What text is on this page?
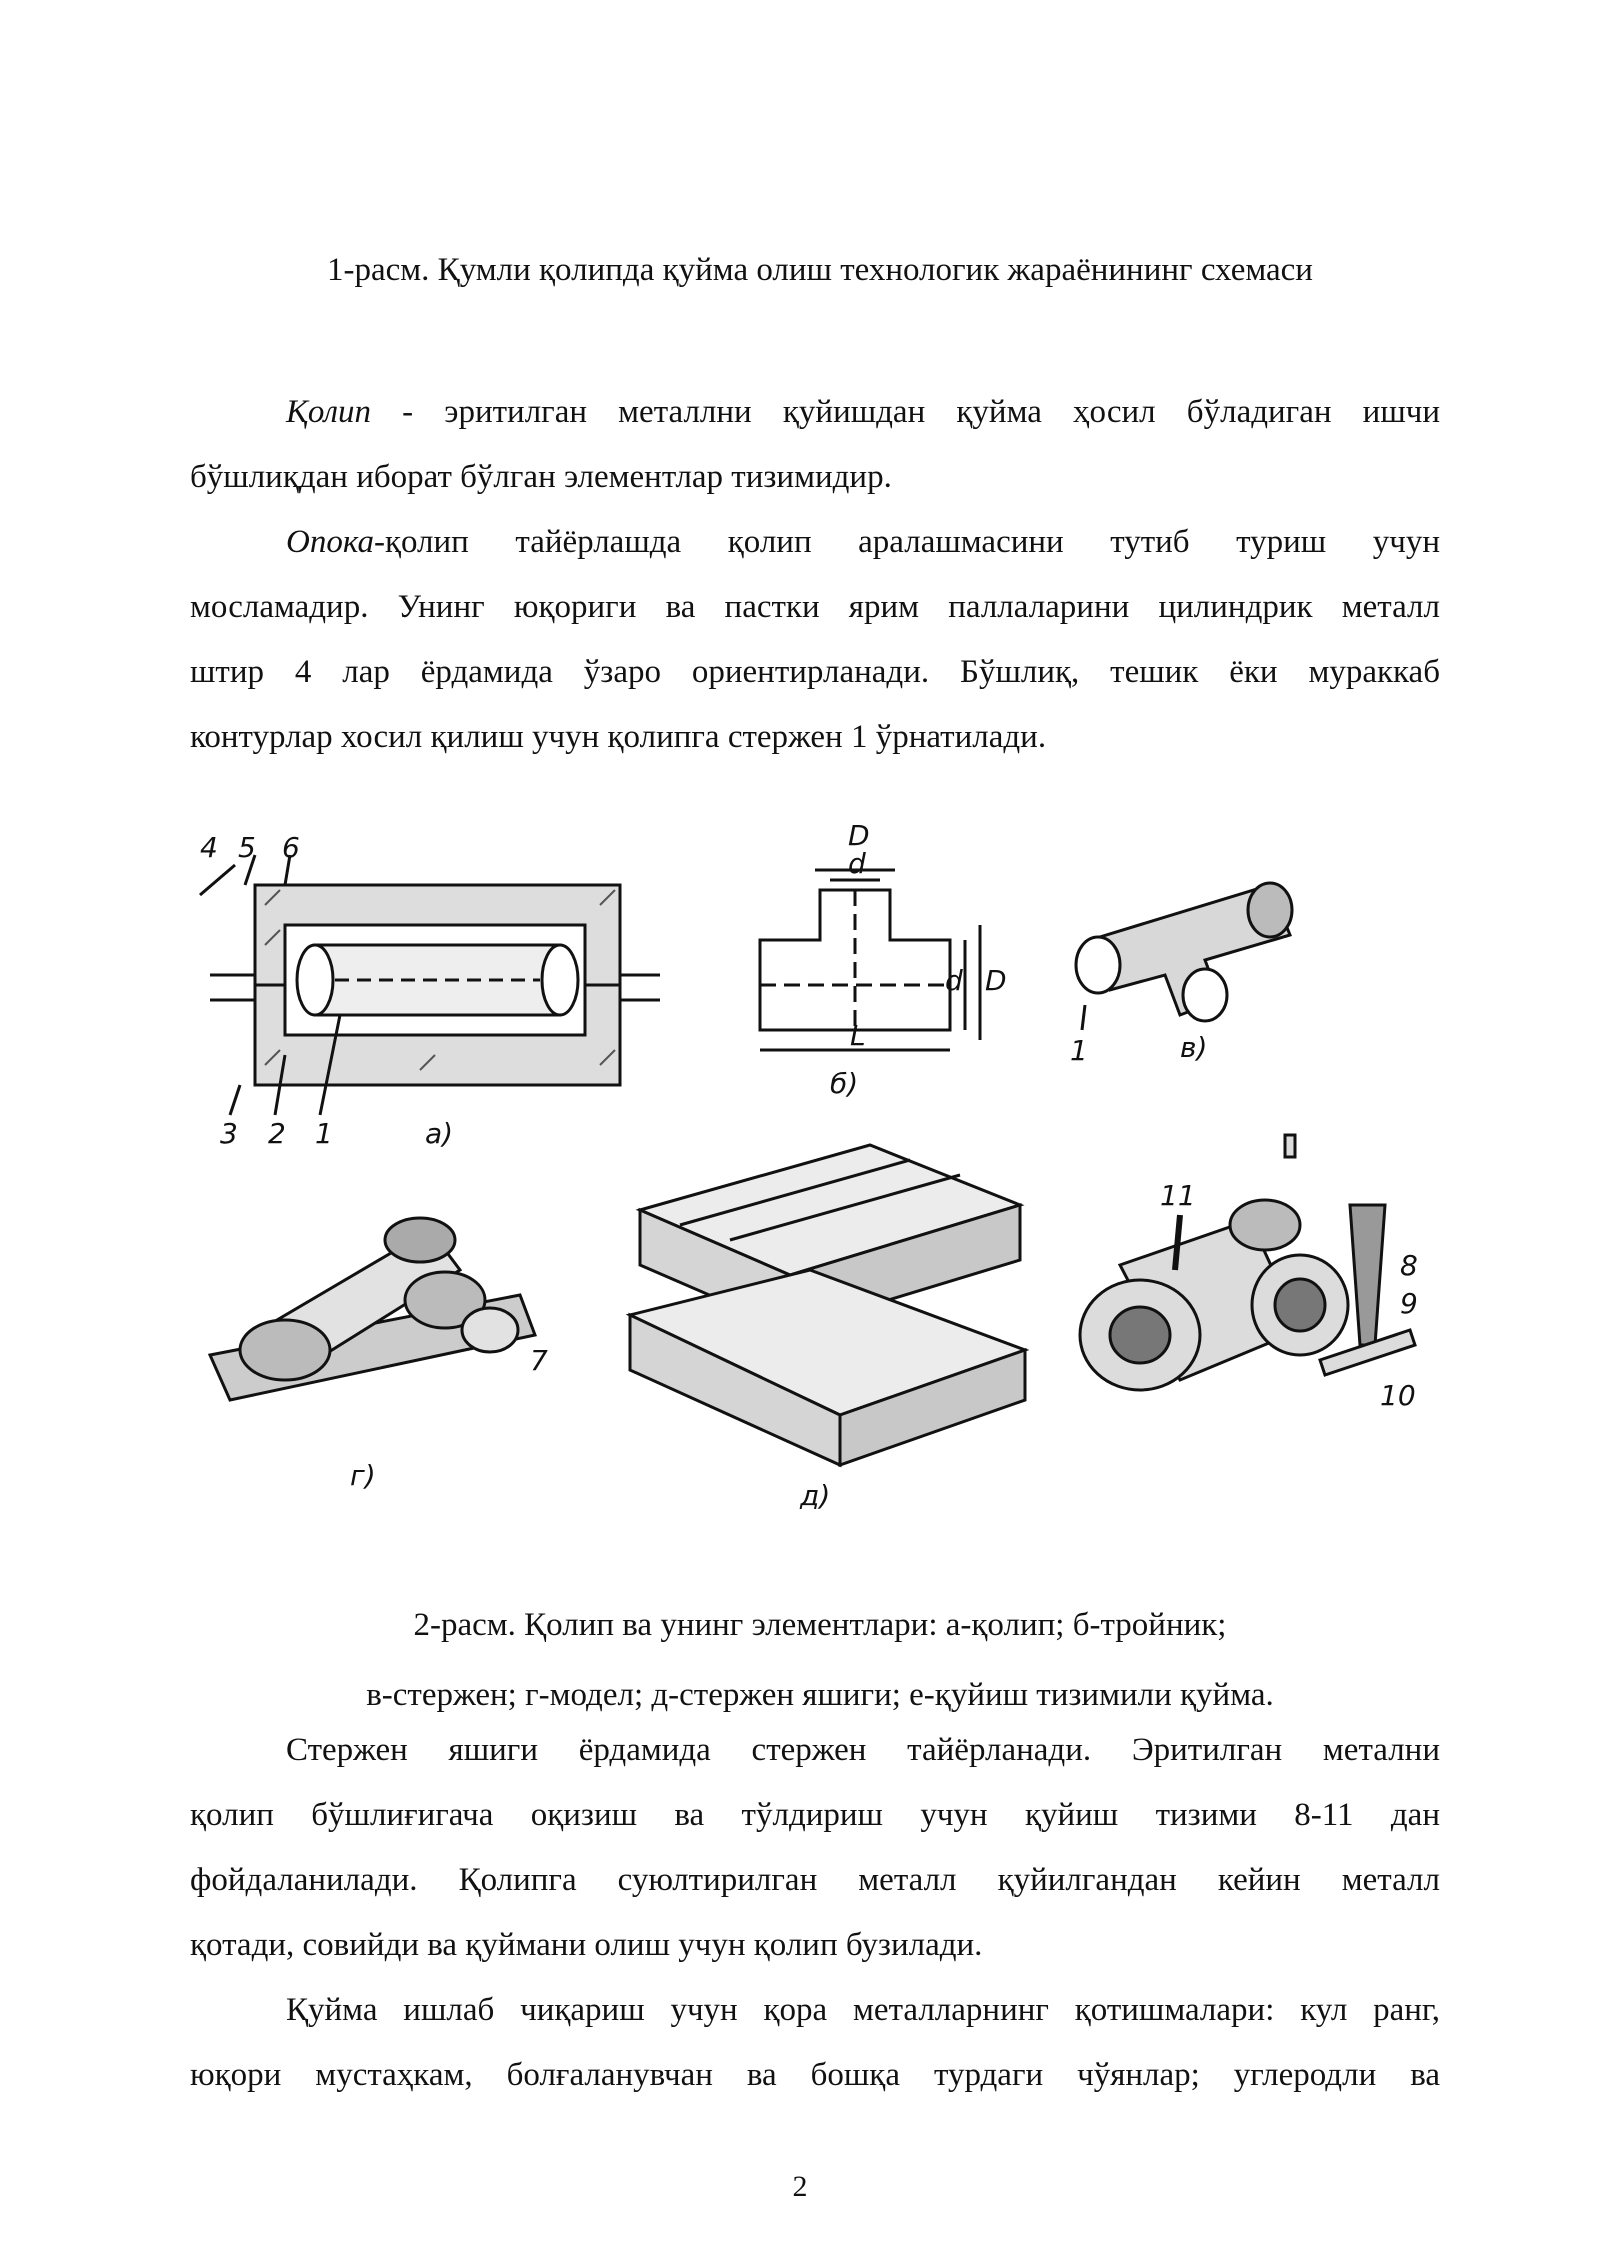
1-расм. Қумли қолипда қуйма олиш технологик жараёнининг схемаси
Қолип - эритилган металлни қуйишдан қуйма ҳосил бўладиган ишчи
бўшлиқдан иборат бўлган элементлар тизимидир.
Опока-қолип тайёрлашда қолип аралашмасини тутиб туриш учун
мосламадир. Унинг юқориги ва пастки ярим паллаларини цилиндрик металл
штир 4 лар ёрдамида ўзаро ориентирланади. Бўшлиқ, тешик ёки мураккаб
контурлар хосил қилиш учун қолипга стержен 1 ўрнатилади.
4 5 6
3 2 1	а)
D
d
d D
L
б)
1	в)
7
г)
д)
11
8
9
10
2-расм. Қолип ва унинг элементлари: а-қолип; б-тройник;
в-стержен; г-модел; д-стержен яшиги; е-қуйиш тизимили қуйма.
Стержен яшиги ёрдамида стержен тайёрланади. Эритилган метални
қолип бўшлиғигача оқизиш ва тўлдириш учун қуйиш тизими 8-11 дан
фойдаланилади. Қолипга суюлтирилган металл қуйилгандан кейин металл
қотади, совийди ва қуймани олиш учун қолип бузилади.
Қуйма ишлаб чиқариш учун қора металларнинг қотишмалари: кул ранг,
юқори мустаҳкам, болғаланувчан ва бошқа турдаги чўянлар; углеродли ва
2
